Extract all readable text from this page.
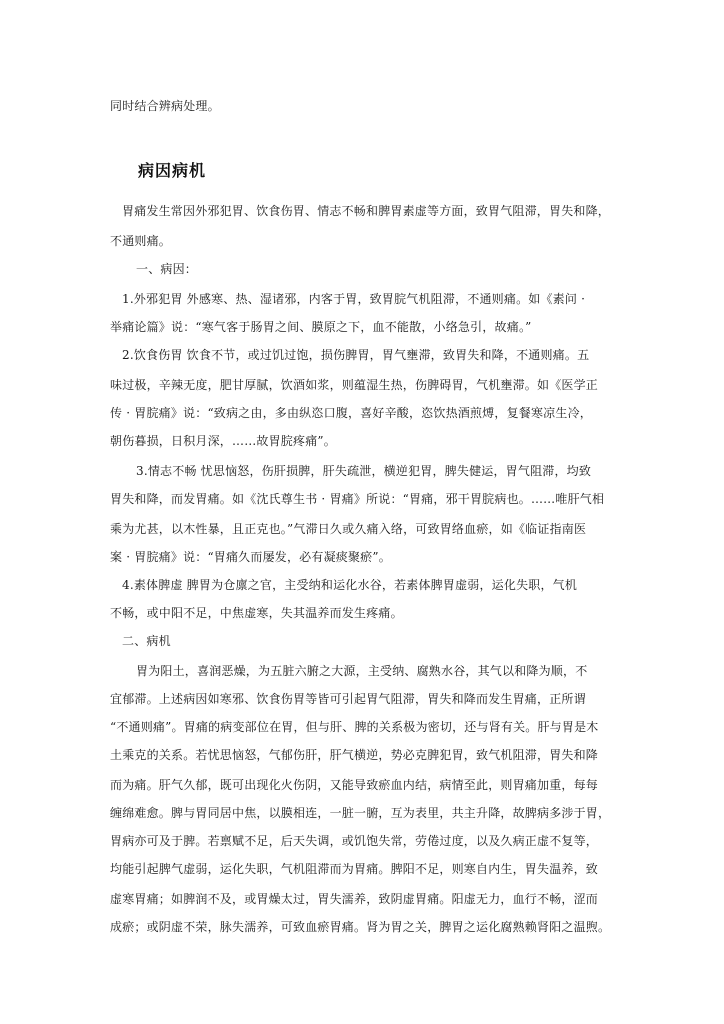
同时结合辨病处理。
病因病机
胃痛发生常因外邪犯胃、饮食伤胃、情志不畅和脾胃素虚等方面，致胃气阻滞，胃失和降，
不通则痛。
一、病因：
1.外邪犯胃 外感寒、热、湿诸邪，内客于胃，致胃脘气机阻滞，不通则痛。如《素问 ·
举痛论篇》说：“寒气客于肠胃之间、膜原之下，血不能散，小络急引，故痛。”
2.饮食伤胃 饮食不节，或过饥过饱，损伤脾胃，胃气壅滞，致胃失和降，不通则痛。五
味过极，辛辣无度，肥甘厚腻，饮酒如浆，则蕴湿生热，伤脾碍胃，气机壅滞。如《医学正
传 · 胃脘痛》说：“致病之由，多由纵恣口腹，喜好辛酸，恣饮热酒煎煿，复餐寒凉生冷，
朝伤暮损，日积月深，……故胃脘疼痛”。
3.情志不畅 忧思恼怒，伤肝损脾，肝失疏泄，横逆犯胃，脾失健运，胃气阻滞，均致
胃失和降，而发胃痛。如《沈氏尊生书 · 胃痛》所说：“胃痛，邪干胃脘病也。……唯肝气相
乘为尤甚，以木性暴，且正克也。”气滞日久或久痛入络，可致胃络血瘀，如《临证指南医
案 · 胃脘痛》说：“胃痛久而屡发，必有凝痰聚瘀”。
4.素体脾虚 脾胃为仓廪之官，主受纳和运化水谷，若素体脾胃虚弱，运化失职，气机
不畅，或中阳不足，中焦虚寒，失其温养而发生疼痛。
二、病机
胃为阳土，喜润恶燥，为五脏六腑之大源，主受纳、腐熟水谷，其气以和降为顺，不
宜郁滞。上述病因如寒邪、饮食伤胃等皆可引起胃气阻滞，胃失和降而发生胃痛，正所谓
“不通则痛”。胃痛的病变部位在胃，但与肝、脾的关系极为密切，还与肾有关。肝与胃是木
土乘克的关系。若忧思恼怒，气郁伤肝，肝气横逆，势必克脾犯胃，致气机阻滞，胃失和降
而为痛。肝气久郁，既可出现化火伤阴，又能导致瘀血内结，病情至此，则胃痛加重，每每
缠绵难愈。脾与胃同居中焦，以膜相连，一脏一腑，互为表里，共主升降，故脾病多涉于胃，
胃病亦可及于脾。若禀赋不足，后天失调，或饥饱失常，劳倦过度，以及久病正虚不复等，
均能引起脾气虚弱，运化失职，气机阻滞而为胃痛。脾阳不足，则寒自内生，胃失温养，致
虚寒胃痛；如脾润不及，或胃燥太过，胃失濡养，致阴虚胃痛。阳虚无力，血行不畅，涩而
成瘀；或阴虚不荣，脉失濡养，可致血瘀胃痛。肾为胃之关，脾胃之运化腐熟赖肾阳之温煦。
